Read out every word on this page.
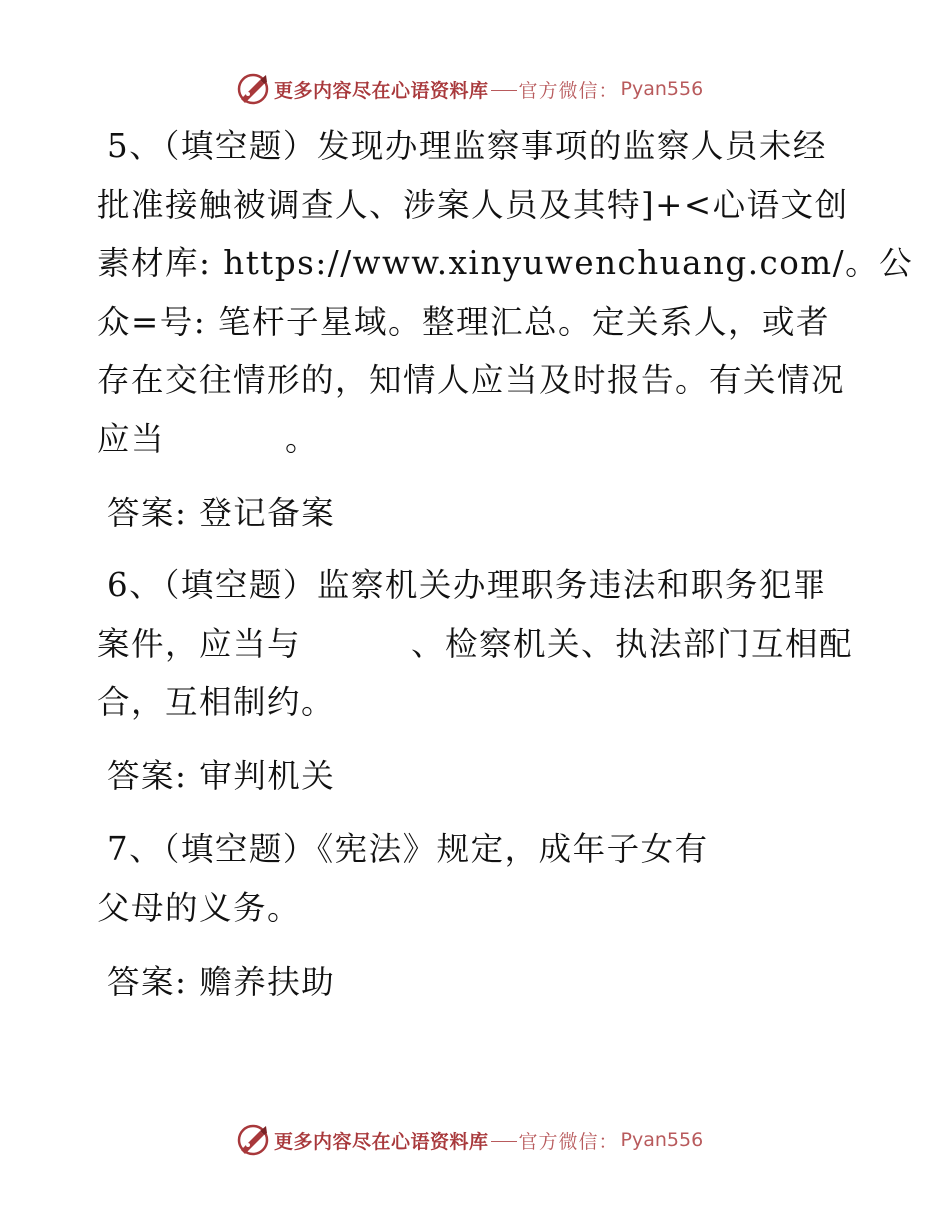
更多内容尽在心语资料库 官方微信： Pyan556
5、（填空题）发现办理监察事项的监察人员未经
批准接触被调查人、涉案人员及其特]+<心语文创
素材库: https://www.xinyuwenchuang.com/。公
众=号: 笔杆子星域。整理汇总。定关系人，或者
存在交往情形的，知情人应当及时报告。有关情况
应当	。
答案: 登记备案
6、（填空题）监察机关办理职务违法和职务犯罪
案件，应当与	、检察机关、执法部门互相配
合，互相制约。
答案: 审判机关
7、（填空题）《宪法》规定，成年子女有
父母的义务。
答案: 赡养扶助
更多内容尽在心语资料库 官方微信： Pyan556
